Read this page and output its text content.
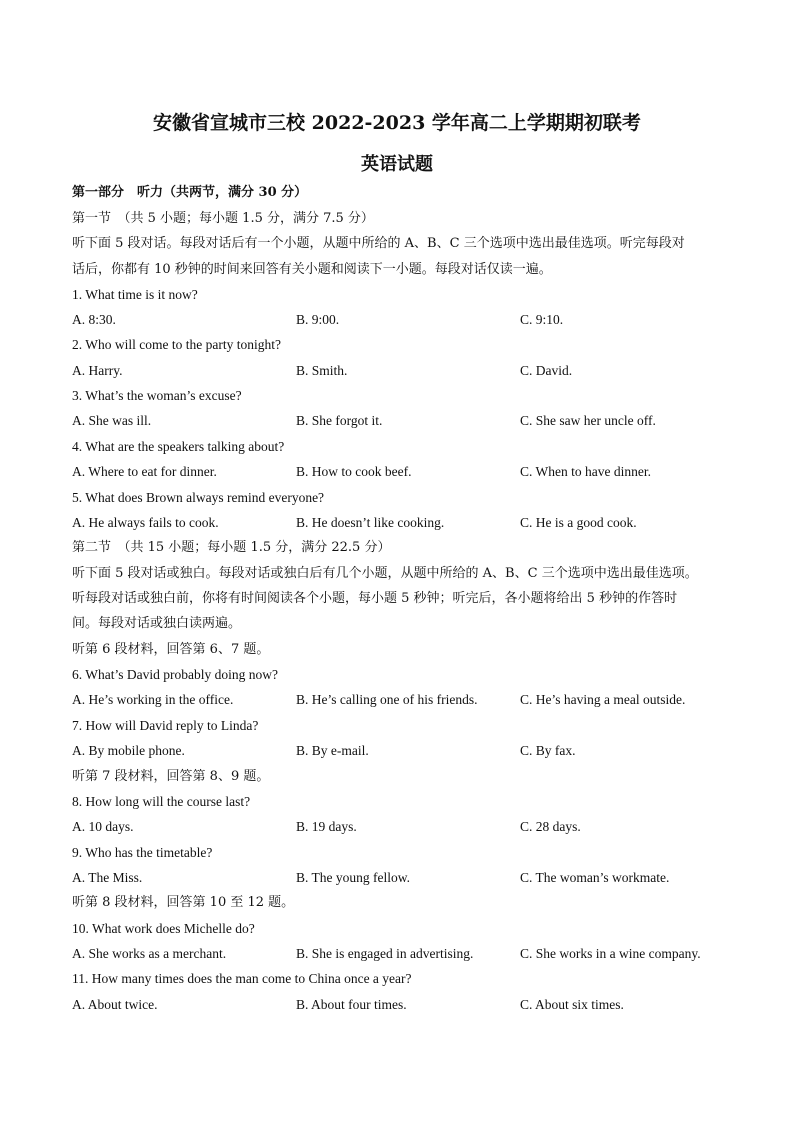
安徽省宣城市三校 2022-2023 学年高二上学期期初联考
英语试题
第一部分　听力（共两节，满分 30 分）
第一节　（共 5 小题；每小题 1.5 分，满分 7.5 分）
听下面 5 段对话。每段对话后有一个小题，从题中所给的 A、B、C 三个选项中选出最佳选项。听完每段对
话后，你都有 10 秒钟的时间来回答有关小题和阅读下一小题。每段对话仅读一遍。
1. What time is it now?
A. 8:30.	B. 9:00.	C. 9:10.
2. Who will come to the party tonight?
A. Harry.	B. Smith.	C. David.
3. What’s the woman’s excuse?
A. She was ill.	B. She forgot it.	C. She saw her uncle off.
4. What are the speakers talking about?
A. Where to eat for dinner.	B. How to cook beef.	C. When to have dinner.
5. What does Brown always remind everyone?
A. He always fails to cook.	B. He doesn’t like cooking.	C. He is a good cook.
第二节　（共 15 小题；每小题 1.5 分，满分 22.5 分）
听下面 5 段对话或独白。每段对话或独白后有几个小题，从题中所给的 A、B、C 三个选项中选出最佳选项。
听每段对话或独白前，你将有时间阅读各个小题，每小题 5 秒钟；听完后，各小题将给出 5 秒钟的作答时
间。每段对话或独白读两遍。
听第 6 段材料，回答第 6、7 题。
6. What’s David probably doing now?
A. He’s working in the office.	B. He’s calling one of his friends.	C. He’s having a meal outside.
7. How will David reply to Linda?
A. By mobile phone.	B. By e-mail.	C. By fax.
听第 7 段材料，回答第 8、9 题。
8. How long will the course last?
A. 10 days.	B. 19 days.	C. 28 days.
9. Who has the timetable?
A. The Miss.	B. The young fellow.	C. The woman’s workmate.
听第 8 段材料，回答第 10 至 12 题。
10. What work does Michelle do?
A. She works as a merchant.	B. She is engaged in advertising.	C. She works in a wine company.
11. How many times does the man come to China once a year?
A. About twice.	B. About four times.	C. About six times.
